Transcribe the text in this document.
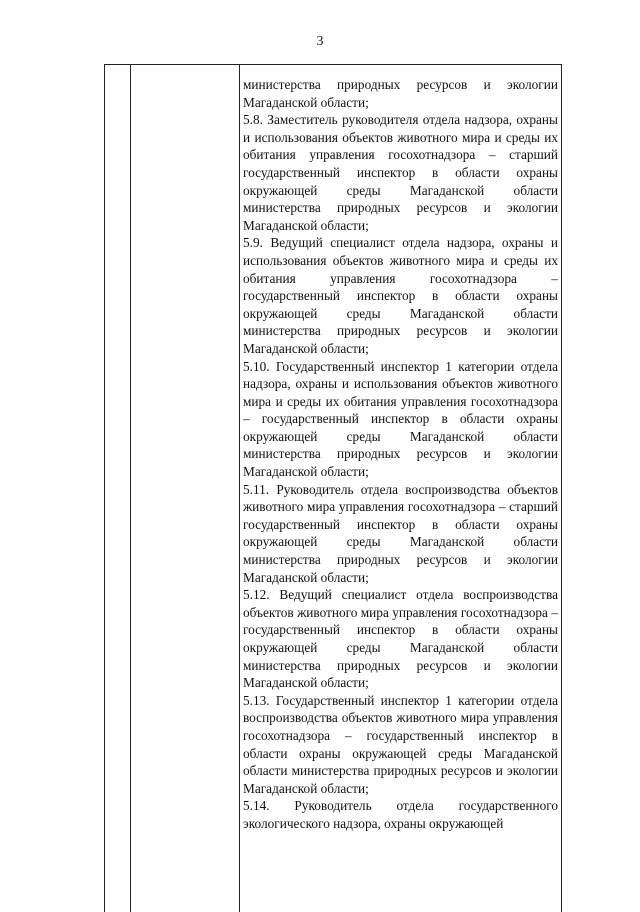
3

министерства природных ресурсов и экологии Магаданской области;

5.8. Заместитель руководителя отдела надзора, охраны и использования объектов животного мира и среды их обитания управления госохотнадзора – старший государственный инспектор в области охраны окружающей среды Магаданской области министерства природных ресурсов и экологии Магаданской области;

5.9. Ведущий специалист отдела надзора, охраны и использования объектов животного мира и среды их обитания управления госохотнадзора – государственный инспектор в области охраны окружающей среды Магаданской области министерства природных ресурсов и экологии Магаданской области;

5.10. Государственный инспектор 1 категории отдела надзора, охраны и использования объектов животного мира и среды их обитания управления госохотнадзора – государственный инспектор в области охраны окружающей среды Магаданской области министерства природных ресурсов и экологии Магаданской области;

5.11. Руководитель отдела воспроизводства объектов животного мира управления госохотнадзора – старший государственный инспектор в области охраны окружающей среды Магаданской области министерства природных ресурсов и экологии Магаданской области;

5.12. Ведущий специалист отдела воспроизводства объектов животного мира управления госохотнадзора – государственный инспектор в области охраны окружающей среды Магаданской области министерства природных ресурсов и экологии Магаданской области;

5.13. Государственный инспектор 1 категории отдела воспроизводства объектов животного мира управления госохотнадзора – государственный инспектор в области охраны окружающей среды Магаданской области министерства природных ресурсов и экологии Магаданской области;

5.14. Руководитель отдела государственного экологического надзора, охраны окружающей
